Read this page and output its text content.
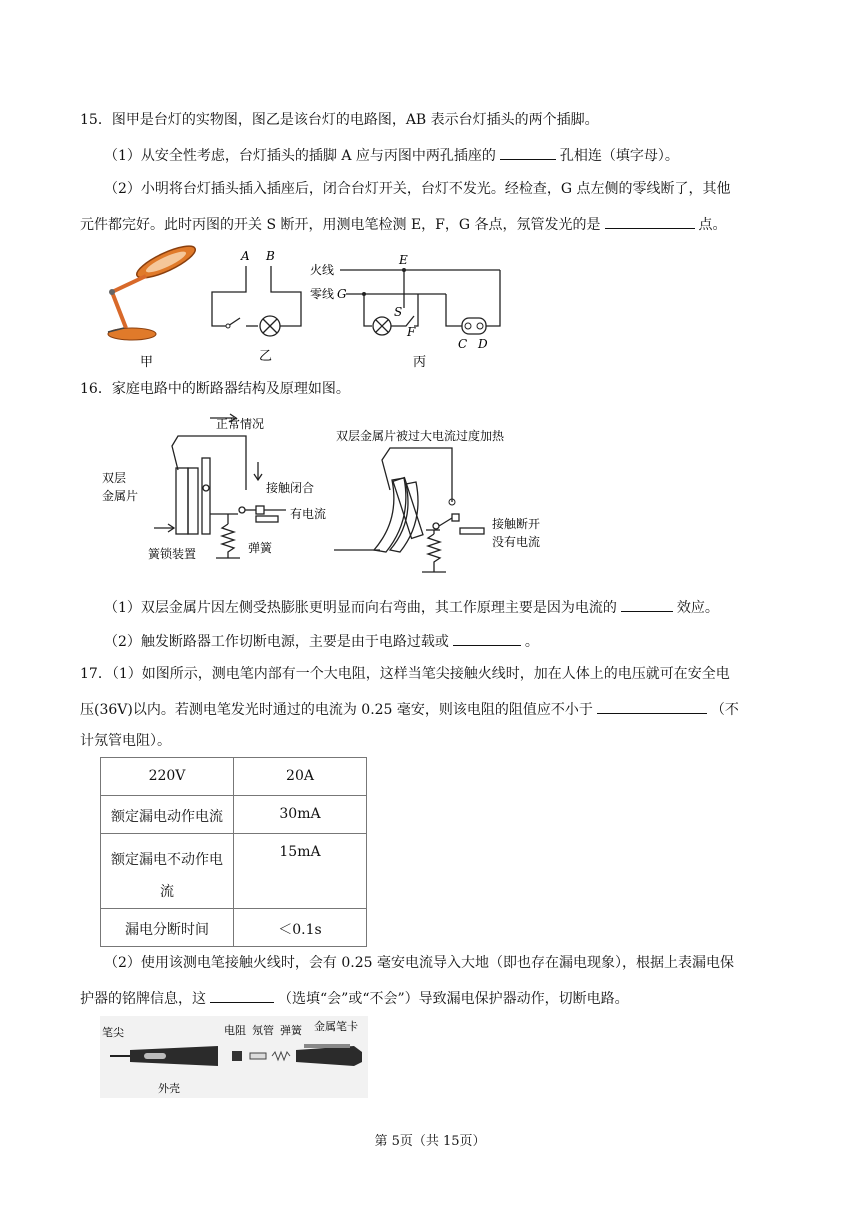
15．图甲是台灯的实物图，图乙是该台灯的电路图，AB 表示台灯插头的两个插脚。
（1）从安全性考虑，台灯插头的插脚 A 应与丙图中两孔插座的	孔相连（填字母）。
（2）小明将台灯插头插入插座后，闭合台灯开关，台灯不发光。经检查，G 点左侧的零线断了，其他
元件都完好。此时丙图的开关 S 断开，用测电笔检测 E，F，G 各点，氖管发光的是	点。
甲
A B
乙
火线
零线 G
E
S
F
C D
丙
16．家庭电路中的断路器结构及原理如图。
正常情况
双层
金属片
接触闭合
有电流
簧锁装置	弹簧
双层金属片被过大电流过度加热
接触断开
没有电流
（1）双层金属片因左侧受热膨胀更明显而向右弯曲，其工作原理主要是因为电流的	效应。
（2）触发断路器工作切断电源，主要是由于电路过载或	。
17．（1）如图所示，测电笔内部有一个大电阻，这样当笔尖接触火线时，加在人体上的电压就可在安全电
压(36V)以内。若测电笔发光时通过的电流为 0.25 毫安，则该电阻的阻值应不小于	（不
计氖管电阻）。
220V	20A
额定漏电动作电流	30mA
额定漏电不动作电流	15mA
漏电分断时间	＜0.1s
（2）使用该测电笔接触火线时，会有 0.25 毫安电流导入大地（即也存在漏电现象），根据上表漏电保
护器的铭牌信息，这	（选填“会”或“不会”）导致漏电保护器动作，切断电路。
笔尖	电阻 氖管 弹簧 金属笔卡
外壳
第 5页（共 15页）
